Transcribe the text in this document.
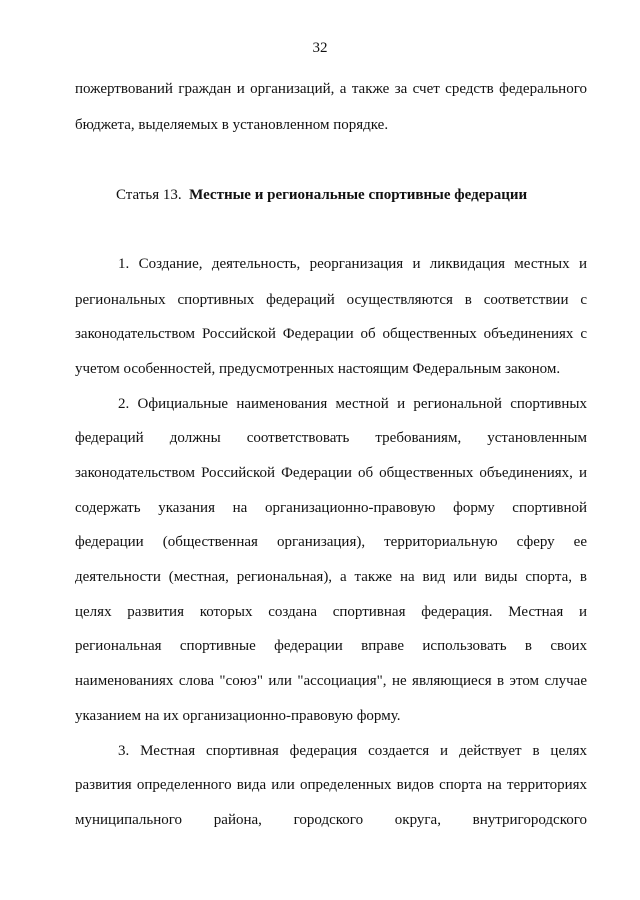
32
пожертвований граждан и организаций, а также за счет средств федерального
бюджета, выделяемых в установленном порядке.
Статья 13. Местные и региональные спортивные федерации
1. Создание, деятельность, реорганизация и ликвидация местных и
региональных спортивных федераций осуществляются в соответствии с
законодательством Российской Федерации об общественных объединениях с
учетом особенностей, предусмотренных настоящим Федеральным законом.
2. Официальные наименования местной и региональной спортивных
федераций должны соответствовать требованиям, установленным
законодательством Российской Федерации об общественных объединениях, и
содержать указания на организационно-правовую форму спортивной
федерации (общественная организация), территориальную сферу ее
деятельности (местная, региональная), а также на вид или виды спорта, в
целях развития которых создана спортивная федерация. Местная и
региональная спортивные федерации вправе использовать в своих
наименованиях слова "союз" или "ассоциация", не являющиеся в этом случае
указанием на их организационно-правовую форму.
3. Местная спортивная федерация создается и действует в целях
развития определенного вида или определенных видов спорта на территориях
муниципального района, городского округа, внутригородского
